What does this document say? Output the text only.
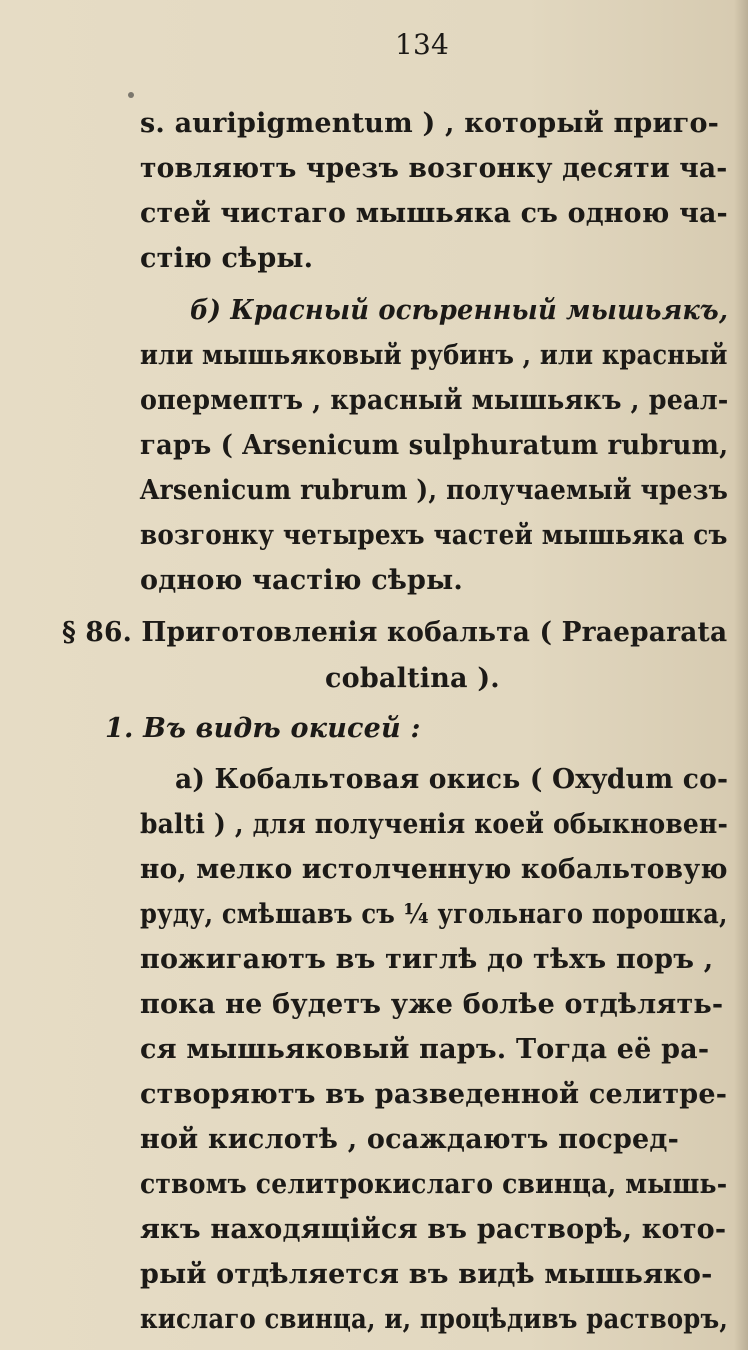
134
s. auripigmentum ) , который приго-
товляютъ чрезъ возгонку десяти ча-
стей чистаго мышьяка съ одною ча-
стію сѣры.
б) Красный осѣренный мышьякъ,
или мышьяковый рубинъ , или красный
опермептъ , красный мышьякъ , реал-
гаръ ( Arsenicum sulphuratum rubrum,
Arsenicum rubrum ), получаемый чрезъ
возгонку четырехъ частей мышьяка съ
одною частію сѣры.
§ 86. Приготовленія кобальта ( Praeparata
cobaltina ).
1. Въ видѣ окисей :
а) Кобальтовая окись ( Oxydum co-
balti ) , для полученія коей обыкновен-
но, мелко истолченную кобальтовую
руду, смѣшавъ съ ¼ угольнаго порошка,
пожигаютъ въ тиглѣ до тѣхъ поръ ,
пока не будетъ уже болѣе отдѣлять-
ся мышьяковый паръ. Тогда её ра-
створяютъ въ разведенной селитре-
ной кислотѣ , осаждаютъ посред-
ствомъ селитрокислаго свинца, мышь-
якъ находящійся въ растворѣ, кото-
рый отдѣляется въ видѣ мышьяко-
кислаго свинца, и, процѣдивъ растворъ,
